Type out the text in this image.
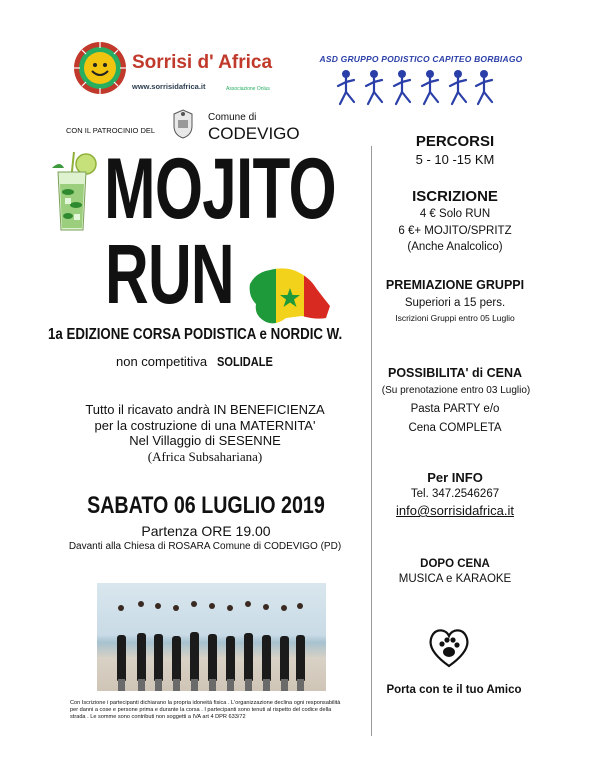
Sorrisi d' Africa
www.sorrisidafrica.it	Associazione Onlus
ASD GRUPPO PODISTICO CAPITEO BORBIAGO
CON IL PATROCINIO DEL
Comune di
CODEVIGO
MOJITO
RUN
1a EDIZIONE CORSA PODISTICA e NORDIC W.
non competitiva SOLIDALE
Tutto il ricavato andrà IN BENEFICIENZA
per la costruzione di una MATERNITA'
Nel Villaggio di SESENNE
(Africa Subsahariana)
SABATO 06 LUGLIO 2019
Partenza ORE 19.00
Davanti alla Chiesa di ROSARA Comune di CODEVIGO (PD)
Con Iscrizione i partecipanti dichiarano la propria idoneità fisica . L'organizzazione declina ogni responsabilità per danni a cose e persone prima e durante la corsa . I partecipanti sono tenuti al rispetto del codice della strada . Le somme sono contributi non soggetti a IVA art 4 DPR 633/72
PERCORSI
5 - 10 -15 KM
ISCRIZIONE
4 € Solo RUN
6 €+ MOJITO/SPRITZ
(Anche Analcolico)
PREMIAZIONE GRUPPI
Superiori a 15 pers.
Iscrizioni Gruppi entro 05 Luglio
POSSIBILITA' di CENA
(Su prenotazione entro 03 Luglio)
Pasta PARTY e/o
Cena COMPLETA
Per INFO
Tel. 347.2546267
info@sorrisidafrica.it
DOPO CENA
MUSICA e KARAOKE
Porta con te il tuo Amico
